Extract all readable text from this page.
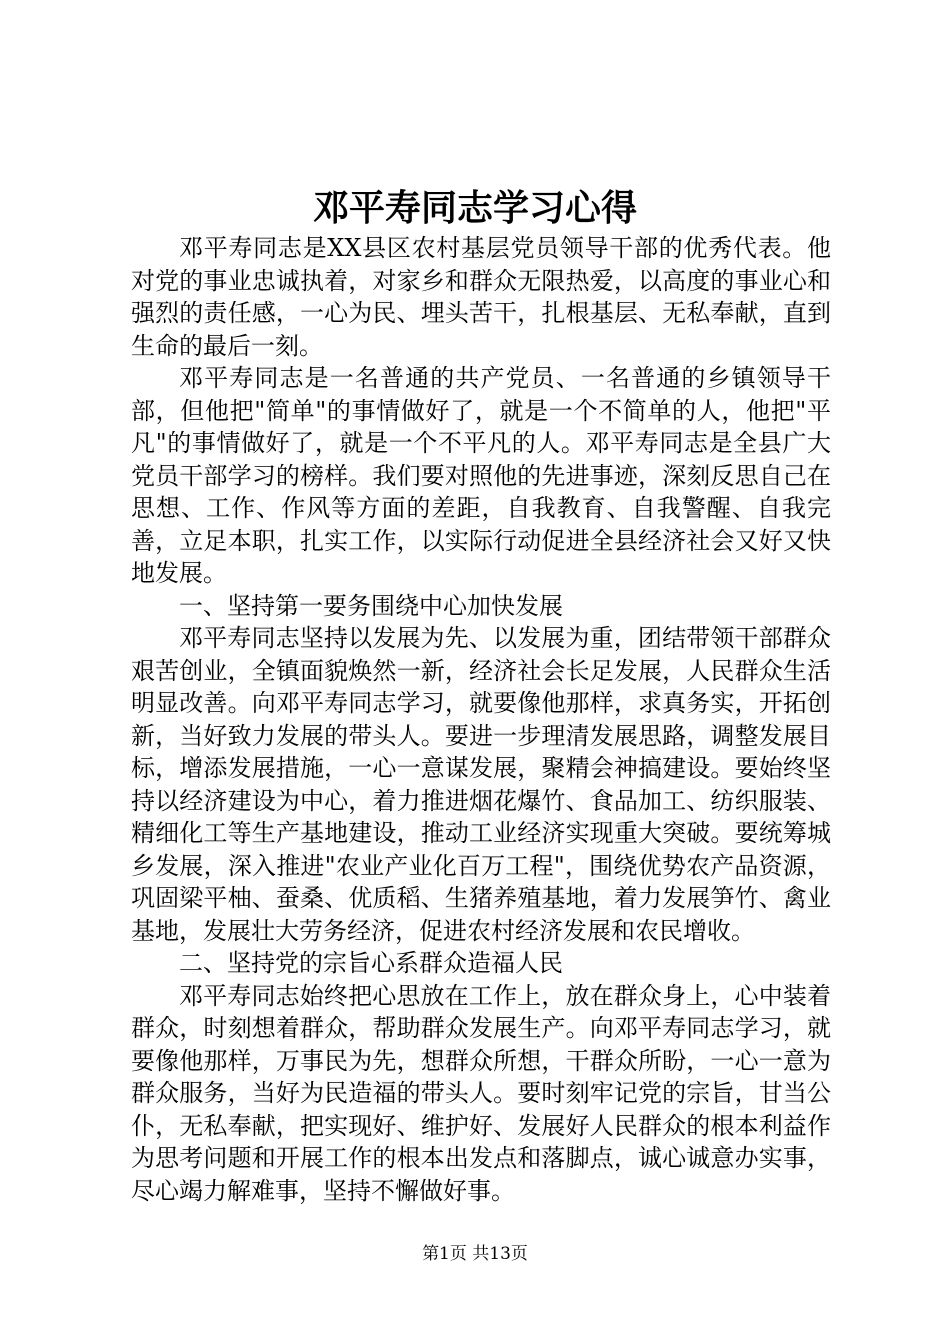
邓平寿同志学习心得

邓平寿同志是XX县区农村基层党员领导干部的优秀代表。他对党的事业忠诚执着，对家乡和群众无限热爱，以高度的事业心和强烈的责任感，一心为民、埋头苦干，扎根基层、无私奉献，直到生命的最后一刻。

邓平寿同志是一名普通的共产党员、一名普通的乡镇领导干部，但他把"简单"的事情做好了，就是一个不简单的人，他把"平凡"的事情做好了，就是一个不平凡的人。邓平寿同志是全县广大党员干部学习的榜样。我们要对照他的先进事迹，深刻反思自己在思想、工作、作风等方面的差距，自我教育、自我警醒、自我完善，立足本职，扎实工作，以实际行动促进全县经济社会又好又快地发展。

一、坚持第一要务围绕中心加快发展

邓平寿同志坚持以发展为先、以发展为重，团结带领干部群众艰苦创业，全镇面貌焕然一新，经济社会长足发展，人民群众生活明显改善。向邓平寿同志学习，就要像他那样，求真务实，开拓创新，当好致力发展的带头人。要进一步理清发展思路，调整发展目标，增添发展措施，一心一意谋发展，聚精会神搞建设。要始终坚持以经济建设为中心，着力推进烟花爆竹、食品加工、纺织服装、精细化工等生产基地建设，推动工业经济实现重大突破。要统筹城乡发展，深入推进"农业产业化百万工程"，围绕优势农产品资源，巩固梁平柚、蚕桑、优质稻、生猪养殖基地，着力发展笋竹、禽业基地，发展壮大劳务经济，促进农村经济发展和农民增收。

二、坚持党的宗旨心系群众造福人民

邓平寿同志始终把心思放在工作上，放在群众身上，心中装着群众，时刻想着群众，帮助群众发展生产。向邓平寿同志学习，就要像他那样，万事民为先，想群众所想，干群众所盼，一心一意为群众服务，当好为民造福的带头人。要时刻牢记党的宗旨，甘当公仆，无私奉献，把实现好、维护好、发展好人民群众的根本利益作为思考问题和开展工作的根本出发点和落脚点，诚心诚意办实事，尽心竭力解难事，坚持不懈做好事。

第1页 共13页
